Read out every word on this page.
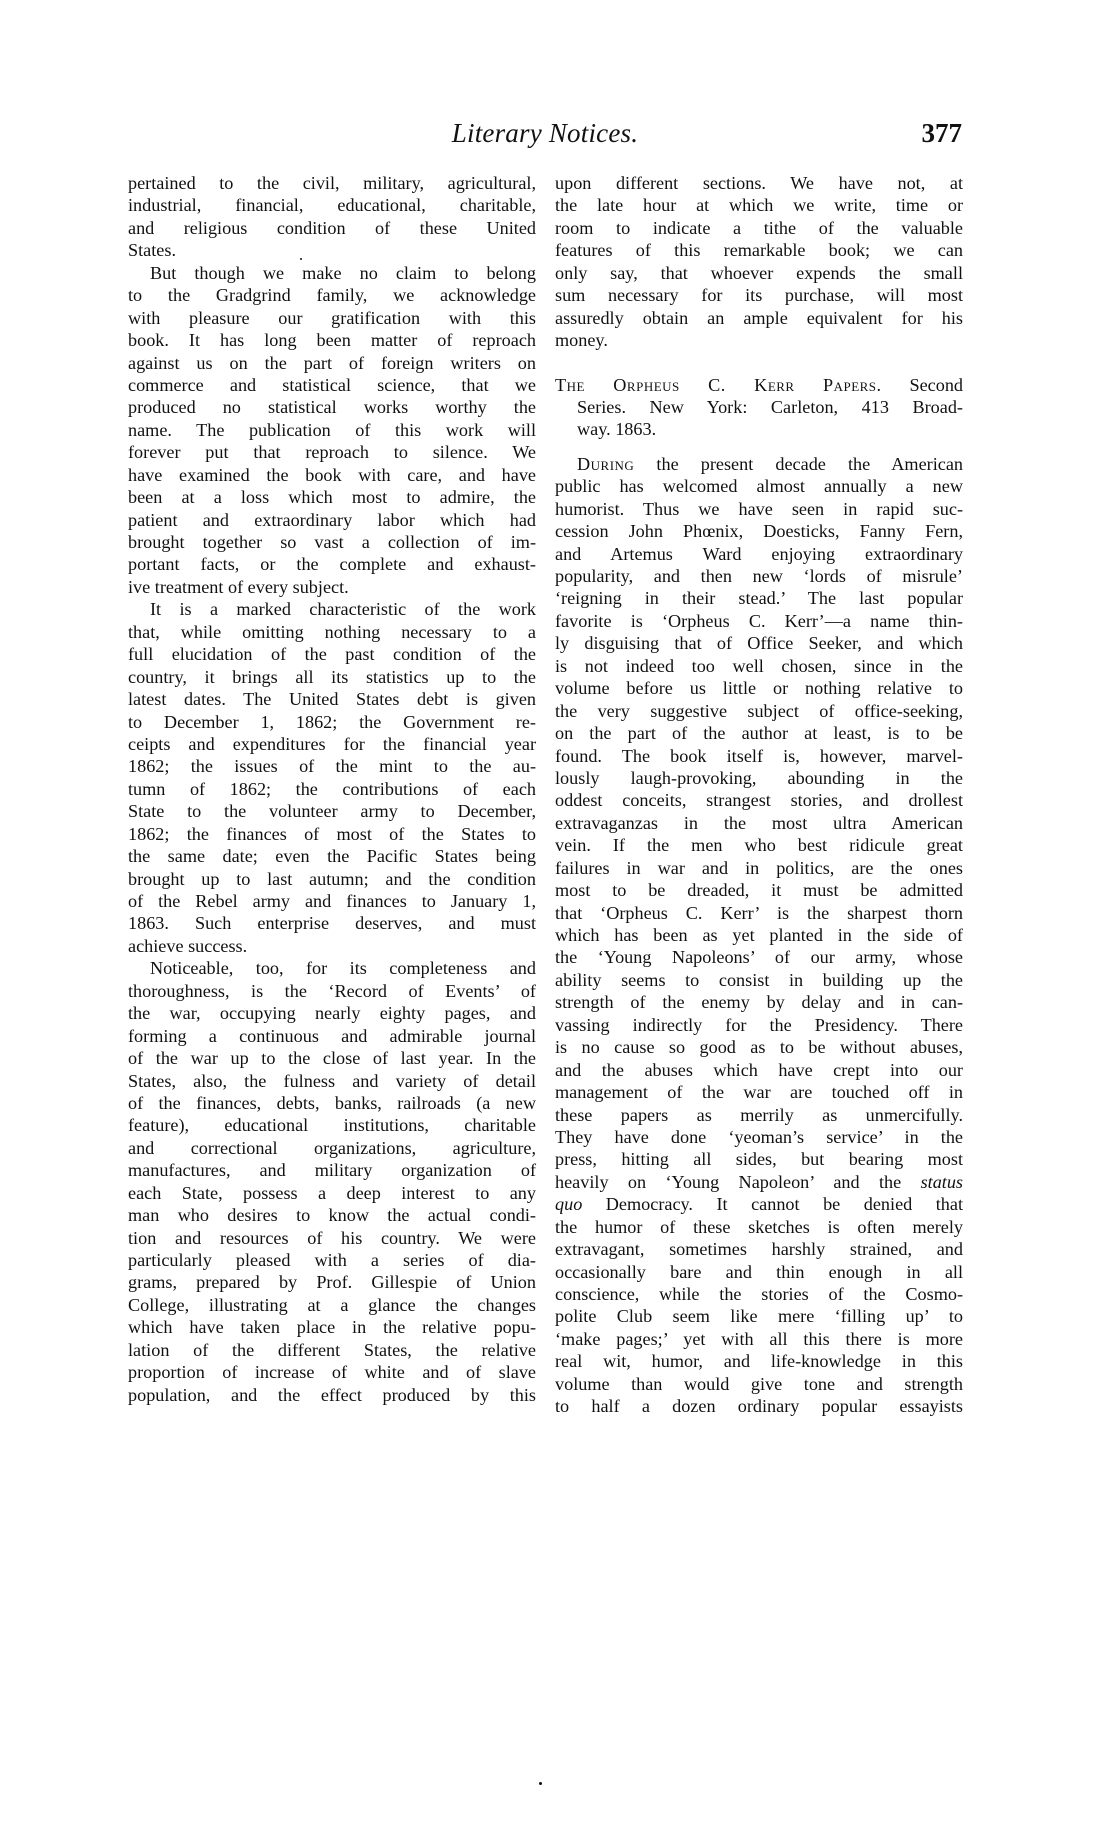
Literary Notices.	377
pertained to the civil, military, agricultural,
industrial, financial, educational, charitable,
and religious condition of these United
States.
But though we make no claim to belong
to the Gradgrind family, we acknowledge
with pleasure our gratification with this
book. It has long been matter of reproach
against us on the part of foreign writers on
commerce and statistical science, that we
produced no statistical works worthy the
name. The publication of this work will
forever put that reproach to silence. We
have examined the book with care, and have
been at a loss which most to admire, the
patient and extraordinary labor which had
brought together so vast a collection of im-
portant facts, or the complete and exhaust-
ive treatment of every subject.
It is a marked characteristic of the work
that, while omitting nothing necessary to a
full elucidation of the past condition of the
country, it brings all its statistics up to the
latest dates. The United States debt is given
to December 1, 1862; the Government re-
ceipts and expenditures for the financial year
1862; the issues of the mint to the au-
tumn of 1862; the contributions of each
State to the volunteer army to December,
1862; the finances of most of the States to
the same date; even the Pacific States being
brought up to last autumn; and the condition
of the Rebel army and finances to January 1,
1863. Such enterprise deserves, and must
achieve success.
Noticeable, too, for its completeness and
thoroughness, is the ‘Record of Events’ of
the war, occupying nearly eighty pages, and
forming a continuous and admirable journal
of the war up to the close of last year. In the
States, also, the fulness and variety of detail
of the finances, debts, banks, railroads (a new
feature), educational institutions, charitable
and correctional organizations, agriculture,
manufactures, and military organization of
each State, possess a deep interest to any
man who desires to know the actual condi-
tion and resources of his country. We were
particularly pleased with a series of dia-
grams, prepared by Prof. Gillespie of Union
College, illustrating at a glance the changes
which have taken place in the relative popu-
lation of the different States, the relative
proportion of increase of white and of slave
population, and the effect produced by this
upon different sections. We have not, at
the late hour at which we write, time or
room to indicate a tithe of the valuable
features of this remarkable book; we can
only say, that whoever expends the small
sum necessary for its purchase, will most
assuredly obtain an ample equivalent for his
money.
The Orpheus C. Kerr Papers. Second
Series. New York: Carleton, 413 Broad-
way. 1863.
During the present decade the American
public has welcomed almost annually a new
humorist. Thus we have seen in rapid suc-
cession John Phœnix, Doesticks, Fanny Fern,
and Artemus Ward enjoying extraordinary
popularity, and then new ‘lords of misrule’
‘reigning in their stead.’ The last popular
favorite is ‘Orpheus C. Kerr’—a name thin-
ly disguising that of Office Seeker, and which
is not indeed too well chosen, since in the
volume before us little or nothing relative to
the very suggestive subject of office-seeking,
on the part of the author at least, is to be
found. The book itself is, however, marvel-
lously laugh-provoking, abounding in the
oddest conceits, strangest stories, and drollest
extravaganzas in the most ultra American
vein. If the men who best ridicule great
failures in war and in politics, are the ones
most to be dreaded, it must be admitted
that ‘Orpheus C. Kerr’ is the sharpest thorn
which has been as yet planted in the side of
the ‘Young Napoleons’ of our army, whose
ability seems to consist in building up the
strength of the enemy by delay and in can-
vassing indirectly for the Presidency. There
is no cause so good as to be without abuses,
and the abuses which have crept into our
management of the war are touched off in
these papers as merrily as unmercifully.
They have done ‘yeoman’s service’ in the
press, hitting all sides, but bearing most
heavily on ‘Young Napoleon’ and the status
quo Democracy. It cannot be denied that
the humor of these sketches is often merely
extravagant, sometimes harshly strained, and
occasionally bare and thin enough in all
conscience, while the stories of the Cosmo-
polite Club seem like mere ‘filling up’ to
‘make pages;’ yet with all this there is more
real wit, humor, and life-knowledge in this
volume than would give tone and strength
to half a dozen ordinary popular essayists
